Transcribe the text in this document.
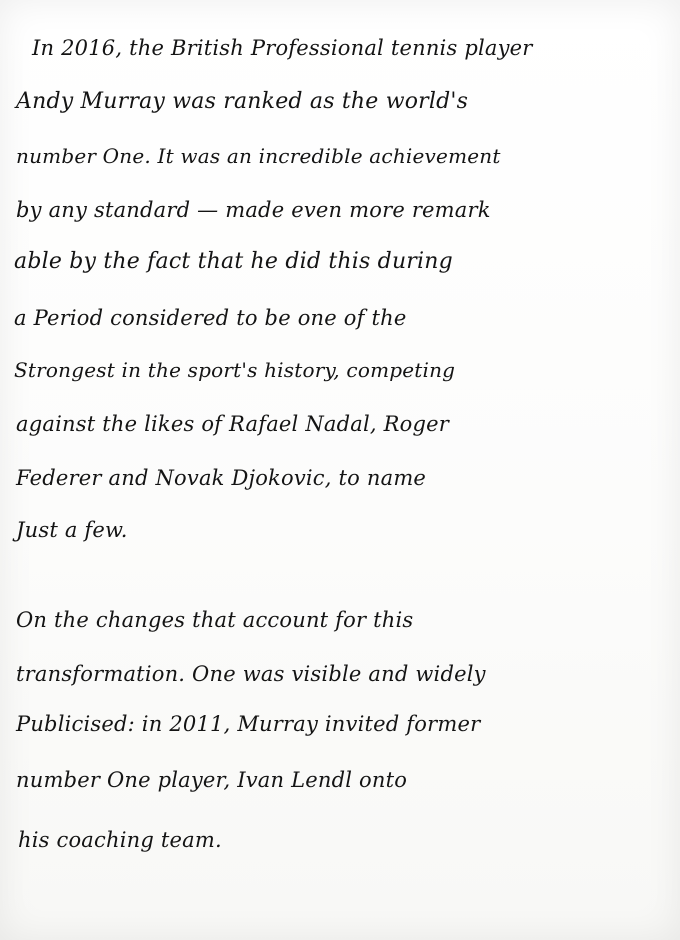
In 2016, the British Professional tennis player

Andy Murray was ranked as the world's

number One. It was an incredible achievement

by any standard — made even more remark

able by the fact that he did this during

a Period considered to be one of the

Strongest in the sport's history, competing

against the likes of Rafael Nadal, Roger

Federer and Novak Djokovic, to name

Just a few.

On the changes that account for this

transformation. One was visible and widely

Publicised: in 2011, Murray invited former

number One player, Ivan Lendl onto

his coaching team.
